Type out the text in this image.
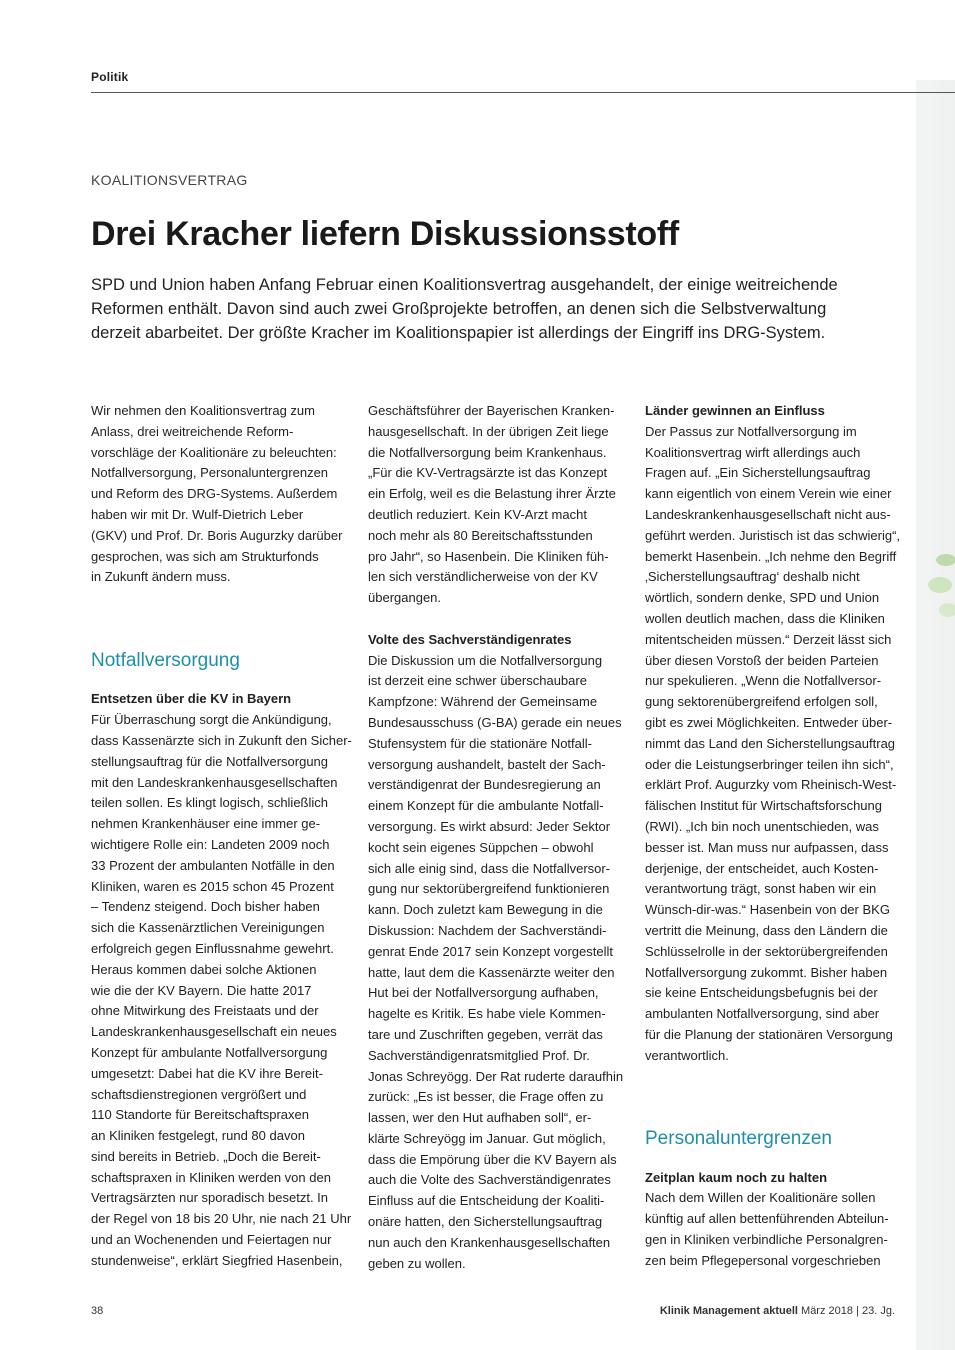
Politik
KOALITIONSVERTRAG
Drei Kracher liefern Diskussionsstoff

SPD und Union haben Anfang Februar einen Koalitionsvertrag ausgehandelt, der einige weitreichende

Reformen enthält. Davon sind auch zwei Großprojekte betroffen, an denen sich die Selbstverwaltung

derzeit abarbeitet. Der größte Kracher im Koalitionspapier ist allerdings der Eingriff ins DRG-System.

Wir nehmen den Koalitionsvertrag zum

Anlass, drei weitreichende Reform-

vorschläge der Koalitionäre zu beleuchten:

Notfallversorgung, Personaluntergrenzen

und Reform des DRG-Systems. Außerdem

haben wir mit Dr. Wulf-Dietrich Leber

(GKV) und Prof. Dr. Boris Augurzky darüber

gesprochen, was sich am Strukturfonds

in Zukunft ändern muss.

Notfallversorgung
Entsetzen über die KV in Bayern

Für Überraschung sorgt die Ankündigung,

dass Kassenärzte sich in Zukunft den Sicher-

stellungsauftrag für die Notfallversorgung

mit den Landeskrankenhausgesellschaften

teilen sollen. Es klingt logisch, schließlich

nehmen Krankenhäuser eine immer ge-

wichtigere Rolle ein: Landeten 2009 noch

33 Prozent der ambulanten Notfälle in den

Kliniken, waren es 2015 schon 45 Prozent

– Tendenz steigend. Doch bisher haben

sich die Kassenärztlichen Vereinigungen

erfolgreich gegen Einflussnahme gewehrt.

Heraus kommen dabei solche Aktionen

wie die der KV Bayern. Die hatte 2017

ohne Mitwirkung des Freistaats und der

Landeskrankenhausgesellschaft ein neues

Konzept für ambulante Notfallversorgung

umgesetzt: Dabei hat die KV ihre Bereit-

schaftsdienstregionen vergrößert und

110 Standorte für Bereitschaftspraxen

an Kliniken festgelegt, rund 80 davon

sind bereits in Betrieb. „Doch die Bereit-

schaftspraxen in Kliniken werden von den

Vertragsärzten nur sporadisch besetzt. In

der Regel von 18 bis 20 Uhr, nie nach 21 Uhr

und an Wochenenden und Feiertagen nur

stundenweise“, erklärt Siegfried Hasenbein,

Geschäftsführer der Bayerischen Kranken-

hausgesellschaft. In der übrigen Zeit liege

die Notfallversorgung beim Krankenhaus.

„Für die KV-Vertragsärzte ist das Konzept

ein Erfolg, weil es die Belastung ihrer Ärzte

deutlich reduziert. Kein KV-Arzt macht

noch mehr als 80 Bereitschaftsstunden

pro Jahr“, so Hasenbein. Die Kliniken füh-

len sich verständlicherweise von der KV

übergangen.

Volte des Sachverständigenrates

Die Diskussion um die Notfallversorgung

ist derzeit eine schwer überschaubare

Kampfzone: Während der Gemeinsame

Bundesausschuss (G-BA) gerade ein neues

Stufensystem für die stationäre Notfall-

versorgung aushandelt, bastelt der Sach-

verständigenrat der Bundesregierung an

einem Konzept für die ambulante Notfall-

versorgung. Es wirkt absurd: Jeder Sektor

kocht sein eigenes Süppchen – obwohl

sich alle einig sind, dass die Notfallversor-

gung nur sektorübergreifend funktionieren

kann. Doch zuletzt kam Bewegung in die

Diskussion: Nachdem der Sachverständi-

genrat Ende 2017 sein Konzept vorgestellt

hatte, laut dem die Kassenärzte weiter den

Hut bei der Notfallversorgung aufhaben,

hagelte es Kritik. Es habe viele Kommen-

tare und Zuschriften gegeben, verrät das

Sachverständigenratsmitglied Prof. Dr.

Jonas Schreyögg. Der Rat ruderte daraufhin

zurück: „Es ist besser, die Frage offen zu

lassen, wer den Hut aufhaben soll“, er-

klärte Schreyögg im Januar. Gut möglich,

dass die Empörung über die KV Bayern als

auch die Volte des Sachverständigenrates

Einfluss auf die Entscheidung der Koaliti-

onäre hatten, den Sicherstellungsauftrag

nun auch den Krankenhausgesellschaften

geben zu wollen.

Länder gewinnen an Einfluss

Der Passus zur Notfallversorgung im

Koalitionsvertrag wirft allerdings auch

Fragen auf. „Ein Sicherstellungsauftrag

kann eigentlich von einem Verein wie einer

Landeskrankenhausgesellschaft nicht aus-

geführt werden. Juristisch ist das schwierig“,

bemerkt Hasenbein. „Ich nehme den Begriff

‚Sicherstellungsauftrag‘ deshalb nicht

wörtlich, sondern denke, SPD und Union

wollen deutlich machen, dass die Kliniken

mitentscheiden müssen.“ Derzeit lässt sich

über diesen Vorstoß der beiden Parteien

nur spekulieren. „Wenn die Notfallversor-

gung sektorenübergreifend erfolgen soll,

gibt es zwei Möglichkeiten. Entweder über-

nimmt das Land den Sicherstellungsauftrag

oder die Leistungserbringer teilen ihn sich“,

erklärt Prof. Augurzky vom Rheinisch-West-

fälischen Institut für Wirtschaftsforschung

(RWI). „Ich bin noch unentschieden, was

besser ist. Man muss nur aufpassen, dass

derjenige, der entscheidet, auch Kosten-

verantwortung trägt, sonst haben wir ein

Wünsch-dir-was.“ Hasenbein von der BKG

vertritt die Meinung, dass den Ländern die

Schlüsselrolle in der sektorübergreifenden

Notfallversorgung zukommt. Bisher haben

sie keine Entscheidungsbefugnis bei der

ambulanten Notfallversorgung, sind aber

für die Planung der stationären Versorgung

verantwortlich.

Personaluntergrenzen
Zeitplan kaum noch zu halten

Nach dem Willen der Koalitionäre sollen

künftig auf allen bettenführenden Abteilun-

gen in Kliniken verbindliche Personalgren-

zen beim Pflegepersonal vorgeschrieben

38	Klinik Management aktuell März 2018 | 23. Jg.
